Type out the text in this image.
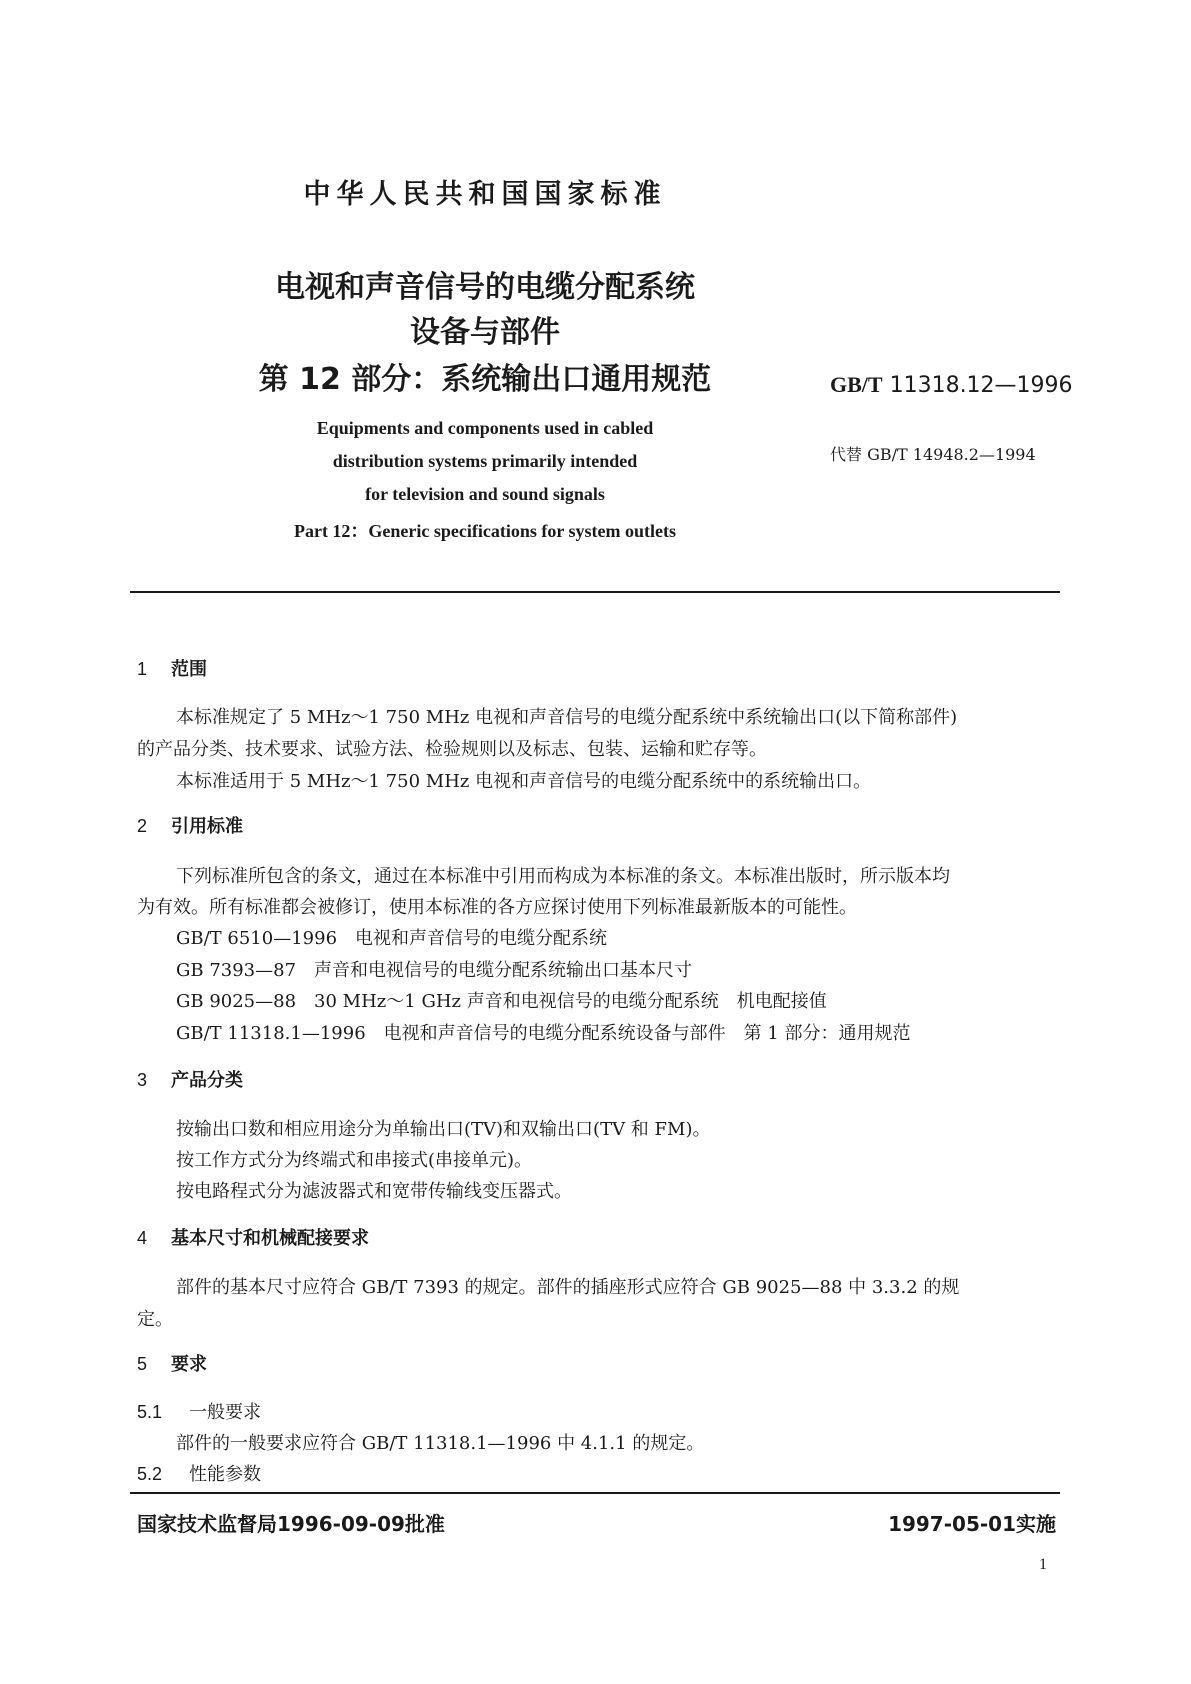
中华人民共和国国家标准
电视和声音信号的电缆分配系统
设备与部件
第 12 部分：系统输出口通用规范	GB/T 11318.12—1996
代替 GB/T 14948.2—1994
Equipments and components used in cabled
distribution systems primarily intended
for television and sound signals
Part 12：Generic specifications for system outlets
1 范围
本标准规定了 5 MHz～1 750 MHz 电视和声音信号的电缆分配系统中系统输出口(以下简称部件)
的产品分类、技术要求、试验方法、检验规则以及标志、包装、运输和贮存等。
本标准适用于 5 MHz～1 750 MHz 电视和声音信号的电缆分配系统中的系统输出口。
2 引用标准
下列标准所包含的条文，通过在本标准中引用而构成为本标准的条文。本标准出版时，所示版本均
为有效。所有标准都会被修订，使用本标准的各方应探讨使用下列标准最新版本的可能性。
GB/T 6510—1996　电视和声音信号的电缆分配系统
GB 7393—87　声音和电视信号的电缆分配系统输出口基本尺寸
GB 9025—88　30 MHz～1 GHz 声音和电视信号的电缆分配系统　机电配接值
GB/T 11318.1—1996　电视和声音信号的电缆分配系统设备与部件　第 1 部分：通用规范
3 产品分类
按输出口数和相应用途分为单输出口(TV)和双输出口(TV 和 FM)。
按工作方式分为终端式和串接式(串接单元)。
按电路程式分为滤波器式和宽带传输线变压器式。
4 基本尺寸和机械配接要求
部件的基本尺寸应符合 GB/T 7393 的规定。部件的插座形式应符合 GB 9025—88 中 3.3.2 的规
定。
5 要求
5.1 一般要求
部件的一般要求应符合 GB/T 11318.1—1996 中 4.1.1 的规定。
5.2 性能参数
国家技术监督局1996-09-09批准	1997-05-01实施
1
